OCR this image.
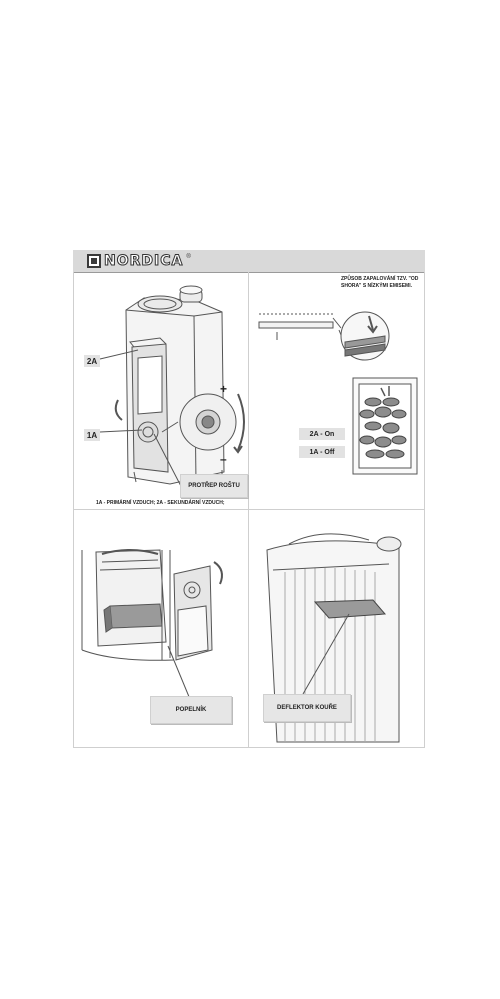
NORDICA ®
2A
1A
+
–
PROTŘEP ROŠTU
1A - PRIMÁRNÍ VZDUCH; 2A - SEKUNDÁRNÍ VZDUCH;
ZPŮSOB ZAPALOVÁNÍ TZV. "OD SHORA" S NÍZKÝMI EMISEMI.
2A - On
1A - Off
POPELNÍK	DEFLEKTOR KOUŘE
